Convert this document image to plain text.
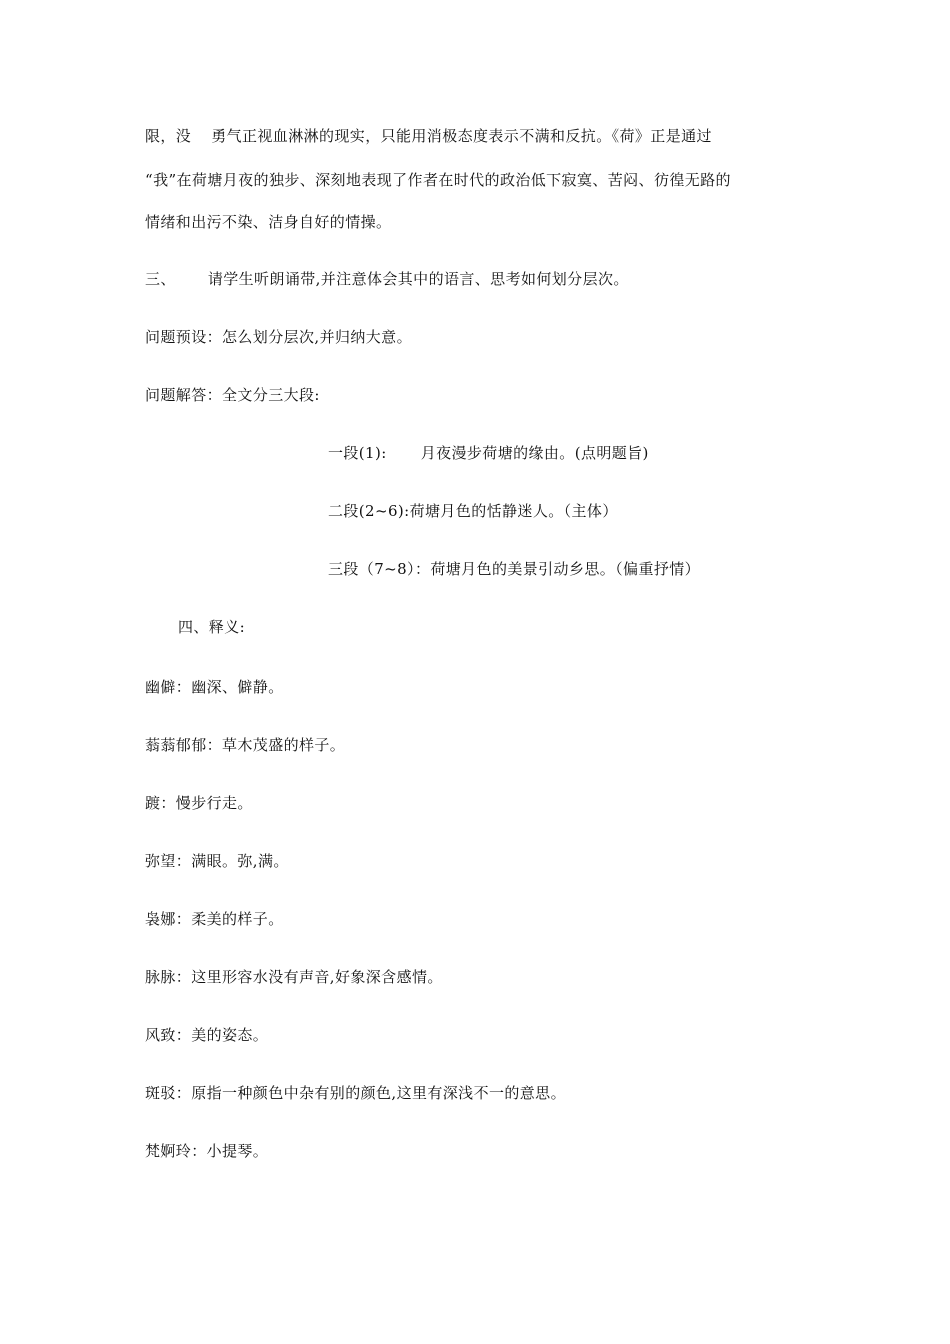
限，没 勇气正视血淋淋的现实，只能用消极态度表示不满和反抗。《荷》正是通过
“我”在荷塘月夜的独步、深刻地表现了作者在时代的政治低下寂寞、苦闷、彷徨无路的
情绪和出污不染、洁身自好的情操。
三、 请学生听朗诵带,并注意体会其中的语言、思考如何划分层次。
问题预设：怎么划分层次,并归纳大意。
问题解答：全文分三大段:
一段(1): 月夜漫步荷塘的缘由。(点明题旨)
二段(2~6):荷塘月色的恬静迷人。（主体）
三段（7~8）：荷塘月色的美景引动乡思。（偏重抒情）
四、释义:
幽僻：幽深、僻静。
蓊蓊郁郁：草木茂盛的样子。
踱：慢步行走。
弥望：满眼。弥,满。
袅娜：柔美的样子。
脉脉：这里形容水没有声音,好象深含感情。
风致：美的姿态。
斑驳：原指一种颜色中杂有别的颜色,这里有深浅不一的意思。
梵婀玲：小提琴。
